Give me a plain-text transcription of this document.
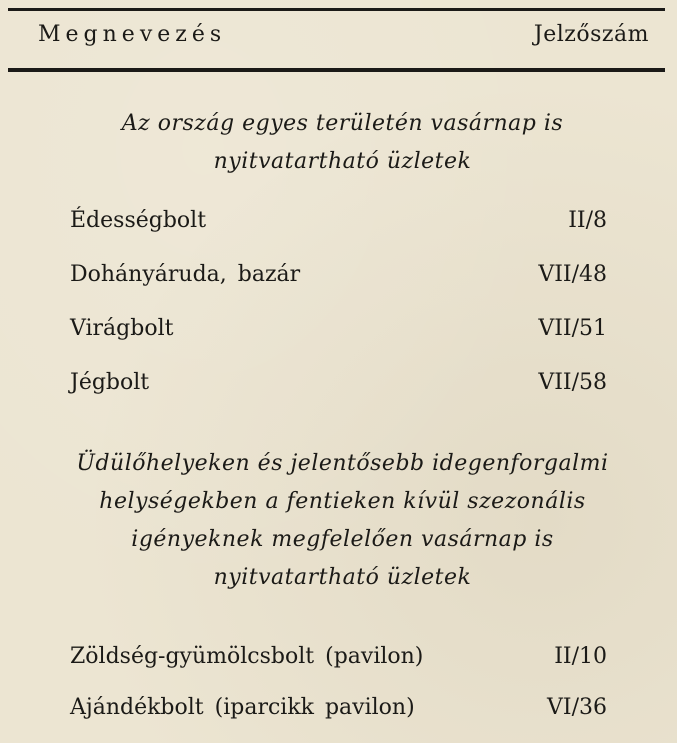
Megnevezés	Jelzőszám
Az ország egyes területén vasárnap is
nyitvatartható üzletek
Édességbolt	II/8
Dohányáruda, bazár	VII/48
Virágbolt	VII/51
Jégbolt	VII/58
Üdülőhelyeken és jelentősebb idegenforgalmi
helységekben a fentieken kívül szezonális
igényeknek megfelelően vasárnap is
nyitvatartható üzletek
Zöldség-gyümölcsbolt (pavilon)	II/10
Ajándékbolt (iparcikk pavilon)	VI/36
